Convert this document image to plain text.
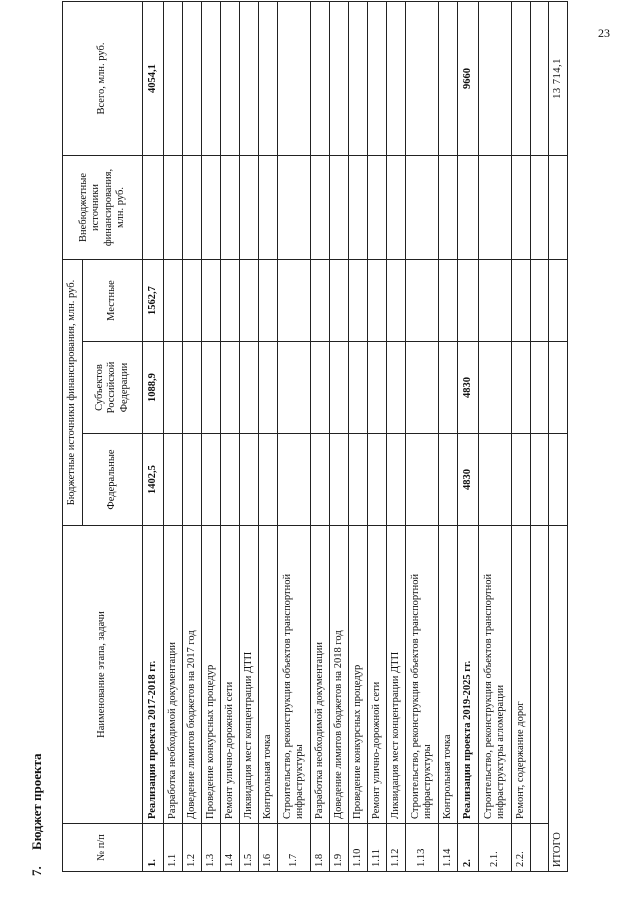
23
7.
Бюджет проекта	№ п/п	Наименование этапа, задачи	Бюджетные источники финансирования, млн. руб.			Внебюджетные источники финансирования, млн. руб.	Всего, млн. руб.
		Федеральные	Субъектов Российской Федерации	Местные		
1.	Реализация проекта 2017-2018 гг.	1402,5	1088,9	1562,7		4054,1
1.1	Разработка необходимой документации					
1.2	Доведение лимитов бюджетов на 2017 год					
1.3	Проведение конкурсных процедур					
1.4	Ремонт улично-дорожной сети					
1.5	Ликвидация мест концентрации ДТП					
1.6	Контрольная точка					
1.7	Строительство, реконструкция объектов транспортной инфраструктуры					
1.8	Разработка необходимой документации					
1.9	Доведение лимитов бюджетов на 2018 год					
1.10	Проведение конкурсных процедур					
1.11	Ремонт улично-дорожной сети					
1.12	Ликвидация мест концентрации ДТП					
1.13	Строительство, реконструкция объектов транспортной инфраструктуры					
1.14	Контрольная точка					
2.	Реализация проекта 2019-2025 гг.	4830	4830			9660
2.1.	Строительство, реконструкция объектов транспортной инфраструктуры агломерации					
2.2.	Ремонт, содержание дорог					

ИТОГО						13 714,1
